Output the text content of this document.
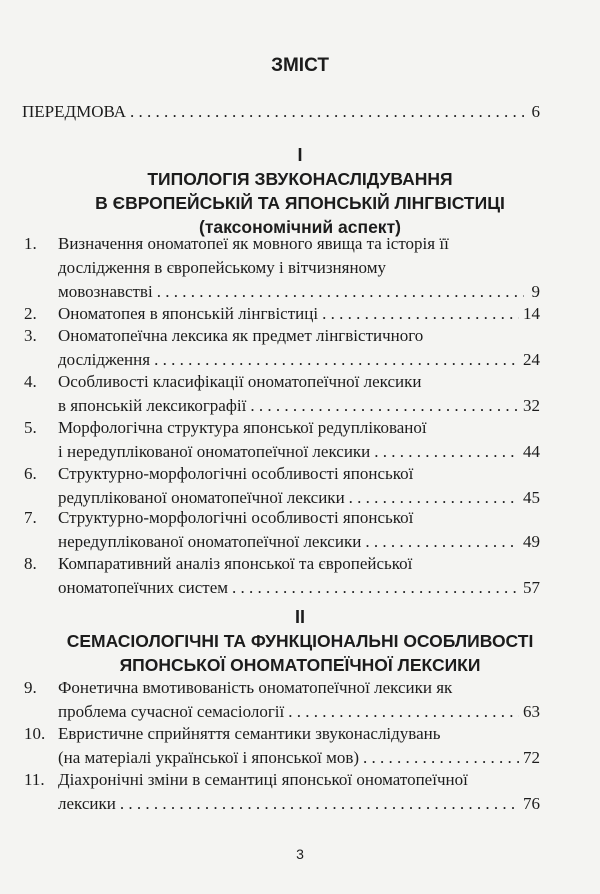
ЗМІСТ
ПЕРЕДМОВА . . .	6
І
ТИПОЛОГІЯ ЗВУКОНАСЛІДУВАННЯ
В ЄВРОПЕЙСЬКІЙ ТА ЯПОНСЬКІЙ ЛІНГВІСТИЦІ
(таксономічний аспект)
1.	Визначення ономатопеї як мовного явища та історія її
дослідження в європейському і вітчизняному
мовознавстві . . .	9
2.	Ономатопея в японській лінгвістиці . . .	14
3.	Ономатопеїчна лексика як предмет лінгвістичного
дослідження . . .	24
4.	Особливості класифікації ономатопеїчної лексики
в японській лексикографії . . .	32
5.	Морфологічна структура японської редуплікованої
і нередуплікованої ономатопеїчної лексики . . .	44
6.	Структурно-морфологічні особливості японської
редуплікованої ономатопеїчної лексики . . .	45
7.	Структурно-морфологічні особливості японської
нередуплікованої ономатопеїчної лексики . . .	49
8.	Компаративний аналіз японської та європейської
ономатопеїчних систем . . .	57
ІІ
СЕМАСІОЛОГІЧНІ ТА ФУНКЦІОНАЛЬНІ ОСОБЛИВОСТІ
ЯПОНСЬКОЇ ОНОМАТОПЕЇЧНОЇ ЛЕКСИКИ
9.	Фонетична вмотивованість ономатопеїчної лексики як
проблема сучасної семасіології . . .	63
10. Евристичне сприйняття семантики звуконаслідувань
(на матеріалі української і японської мов) . . .	72
11. Діахронічні зміни в семантиці японської ономатопеїчної
лексики . . .	76
3
